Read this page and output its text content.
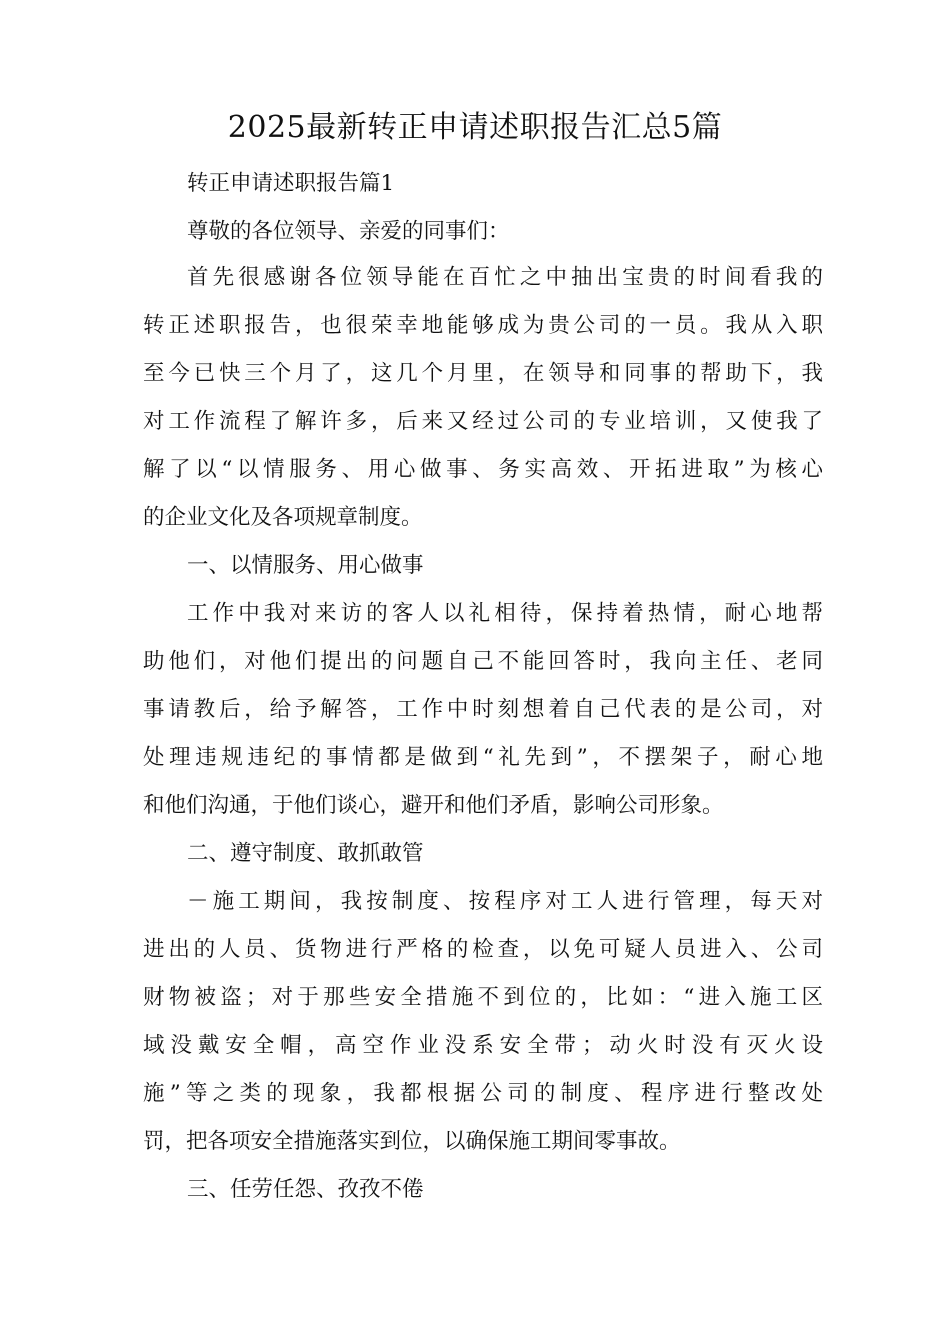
2025最新转正申请述职报告汇总5篇
转正申请述职报告篇1
尊敬的各位领导、亲爱的同事们：
首先很感谢各位领导能在百忙之中抽出宝贵的时间看我的
转正述职报告，也很荣幸地能够成为贵公司的一员。我从入职
至今已快三个月了，这几个月里，在领导和同事的帮助下，我
对工作流程了解许多，后来又经过公司的专业培训，又使我了
解了以“以情服务、用心做事、务实高效、开拓进取”为核心
的企业文化及各项规章制度。
一、以情服务、用心做事
工作中我对来访的客人以礼相待，保持着热情，耐心地帮
助他们，对他们提出的问题自己不能回答时，我向主任、老同
事请教后，给予解答，工作中时刻想着自己代表的是公司，对
处理违规违纪的事情都是做到“礼先到”，不摆架子，耐心地
和他们沟通，于他们谈心，避开和他们矛盾，影响公司形象。
二、遵守制度、敢抓敢管
－施工期间，我按制度、按程序对工人进行管理，每天对
进出的人员、货物进行严格的检查，以免可疑人员进入、公司
财物被盗；对于那些安全措施不到位的，比如：“进入施工区
域没戴安全帽，高空作业没系安全带；动火时没有灭火设
施”等之类的现象，我都根据公司的制度、程序进行整改处
罚，把各项安全措施落实到位，以确保施工期间零事故。
三、任劳任怨、孜孜不倦
